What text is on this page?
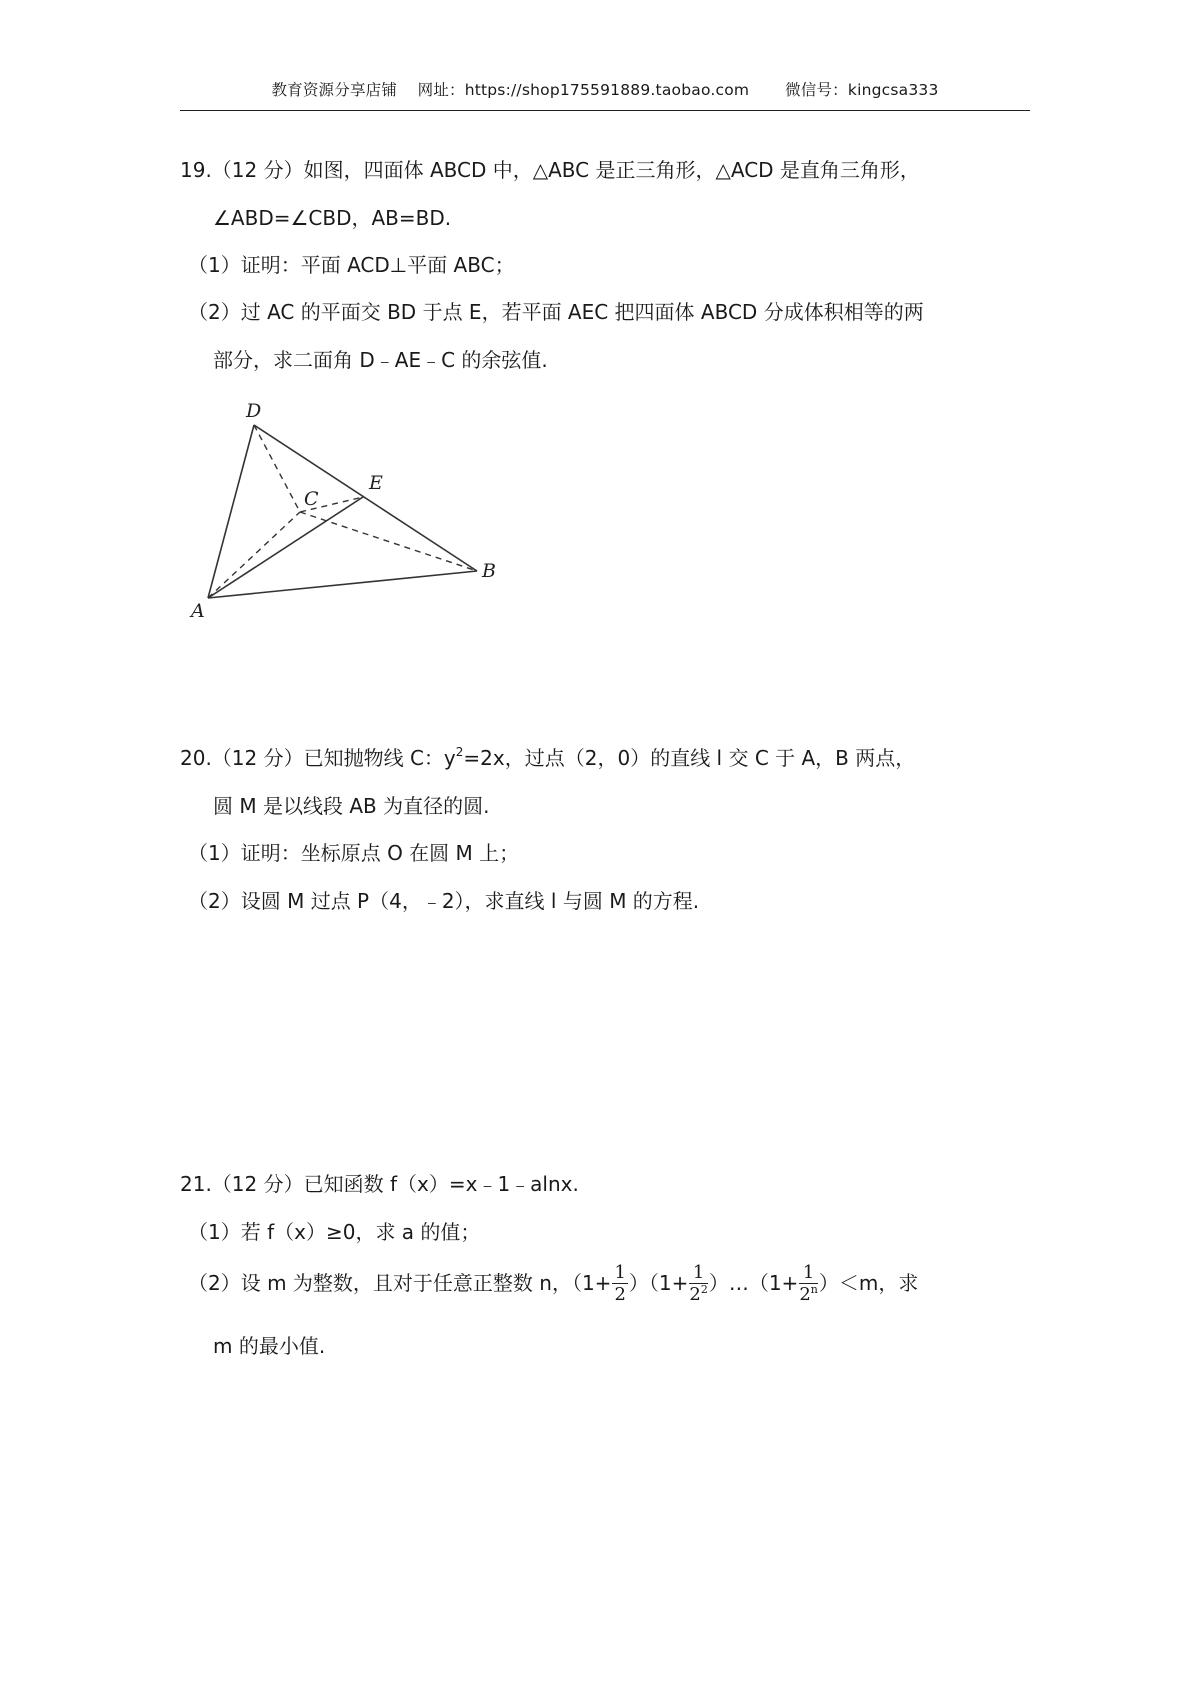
教育资源分享店铺 网址：https://shop175591889.taobao.com 微信号：kingcsa333
19.（12 分）如图，四面体 ABCD 中，△ABC 是正三角形，△ACD 是直角三角形，
∠ABD=∠CBD，AB=BD.
（1）证明：平面 ACD⊥平面 ABC；
（2）过 AC 的平面交 BD 于点 E，若平面 AEC 把四面体 ABCD 分成体积相等的两
部分，求二面角 D﹣AE﹣C 的余弦值.
D
C
E
B
A
20.（12 分）已知抛物线 C：$y^2=2x$，过点（2，0）的直线 l 交 C 于 A，B 两点，
圆 M 是以线段 AB 为直径的圆.
（1）证明：坐标原点 O 在圆 M 上；
（2）设圆 M 过点 P（4，﹣2），求直线 l 与圆 M 的方程.
21.（12 分）已知函数 f（x）=x﹣1﹣alnx.
（1）若 f（x）≥0，求 a 的值；
（2）设 m 为整数，且对于任意正整数 n，$(1+ \frac{1}{2} )(1+ \frac{1}{2^2}$ ）…（1+ $\frac{1}{2^n} )<m$，求
m 的最小值.
